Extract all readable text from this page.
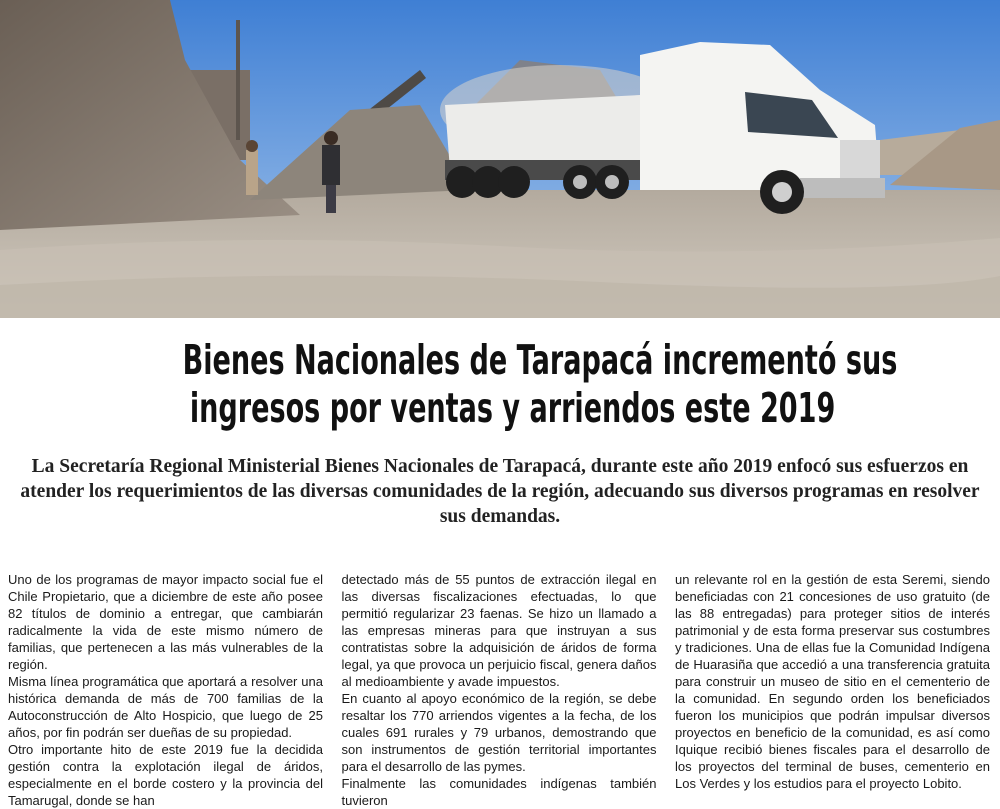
Bienes Nacionales de Tarapacá incrementó sus
ingresos por ventas y arriendos este 2019

La Secretaría Regional Ministerial Bienes Nacionales de Tarapacá, durante este año 2019 enfocó sus esfuerzos en atender los requerimientos de las diversas comunidades de la región, adecuando sus diversos programas en resolver sus demandas.

Uno de los programas de mayor impacto social fue el Chile Propietario, que a diciembre de este año posee 82 títulos de dominio a entregar, que cambiarán radicalmente la vida de este mismo número de familias, que pertenecen a las más vulnerables de la región.

Misma línea programática que aportará a resolver una histórica demanda de más de 700 familias de la Autoconstrucción de Alto Hospicio, que luego de 25 años, por fin podrán ser dueñas de su propiedad.

Otro importante hito de este 2019 fue la decidida gestión contra la explotación ilegal de áridos, especialmente en el borde costero y la provincia del Tamarugal, donde se han

detectado más de 55 puntos de extracción ilegal en las diversas fiscalizaciones efectuadas, lo que permitió regularizar 23 faenas. Se hizo un llamado a las empresas mineras para que instruyan a sus contratistas sobre la adquisición de áridos de forma legal, ya que provoca un perjuicio fiscal, genera daños al medioambiente y avade impuestos.

En cuanto al apoyo económico de la región, se debe resaltar los 770 arriendos vigentes a la fecha, de los cuales 691 rurales y 79 urbanos, demostrando que son instrumentos de gestión territorial importantes para el desarrollo de las pymes.

Finalmente las comunidades indígenas también tuvieron

un relevante rol en la gestión de esta Seremi, siendo beneficiadas con 21 concesiones de uso gratuito (de las 88 entregadas) para proteger sitios de interés patrimonial y de esta forma preservar sus costumbres y tradiciones. Una de ellas fue la Comunidad Indígena de Huarasiña que accedió a una transferencia gratuita para construir un museo de sitio en el cementerio de la comunidad. En segundo orden los beneficiados fueron los municipios que podrán impulsar diversos proyectos en beneficio de la comunidad, es así como Iquique recibió bienes fiscales para el desarrollo de los proyectos del terminal de buses, cementerio en Los Verdes y los estudios para el proyecto Lobito.
